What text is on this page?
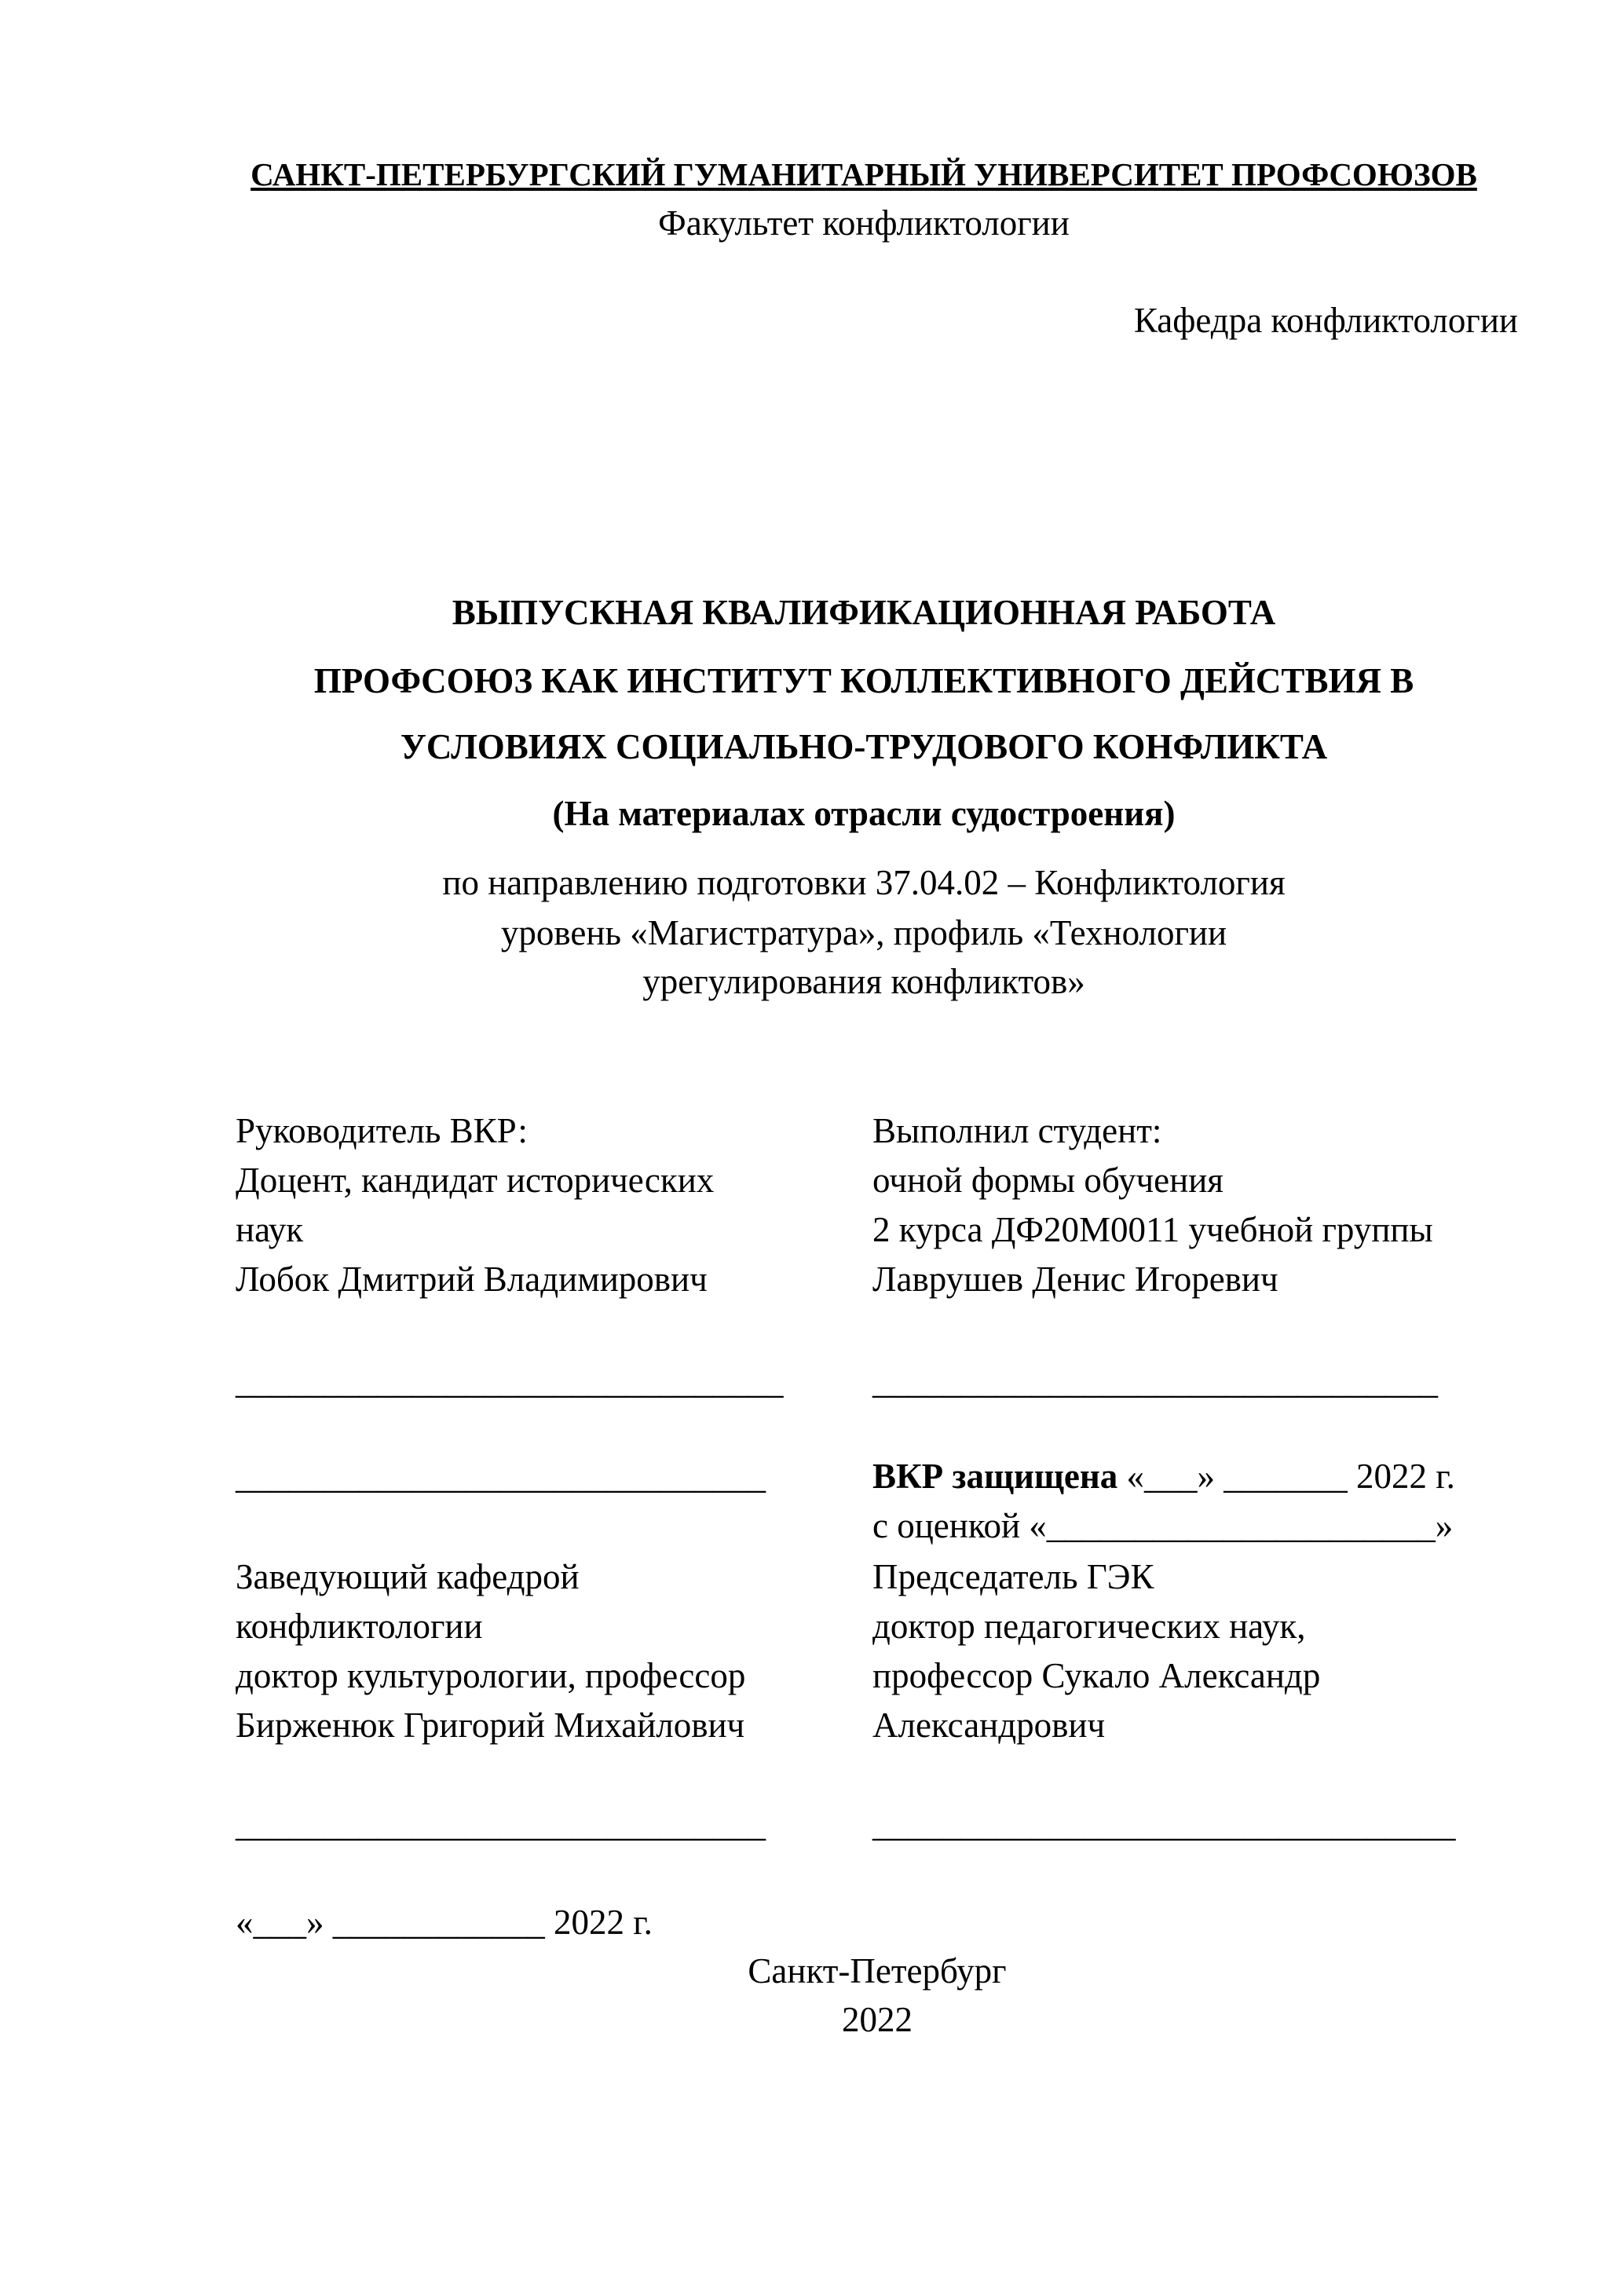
САНКТ-ПЕТЕРБУРГСКИЙ ГУМАНИТАРНЫЙ УНИВЕРСИТЕТ ПРОФСОЮЗОВ
Факультет конфликтологии
Кафедра конфликтологии
ВЫПУСКНАЯ КВАЛИФИКАЦИОННАЯ РАБОТА
ПРОФСОЮЗ КАК ИНСТИТУТ КОЛЛЕКТИВНОГО ДЕЙСТВИЯ В
УСЛОВИЯХ СОЦИАЛЬНО-ТРУДОВОГО КОНФЛИКТА
(На материалах отрасли судостроения)
по направлению подготовки 37.04.02 – Конфликтология
уровень «Магистратура», профиль «Технологии
урегулирования конфликтов»
Руководитель ВКР:
Доцент, кандидат исторических
наук
Лобок Дмитрий Владимирович
Выполнил студент:
очной формы обучения
2 курса ДФ20М0011 учебной группы
Лаврушев Денис Игоревич
_______________________________	________________________________
______________________________	ВКР защищена «___» _______ 2022 г.
с оценкой «______________________»
Заведующий кафедрой
конфликтологии
доктор культурологии, профессор
Бирженюк Григорий Михайлович
Председатель ГЭК
доктор педагогических наук,
профессор Сукало Александр
Александрович
______________________________	_________________________________
«___» ____________ 2022 г.
Санкт-Петербург
2022
